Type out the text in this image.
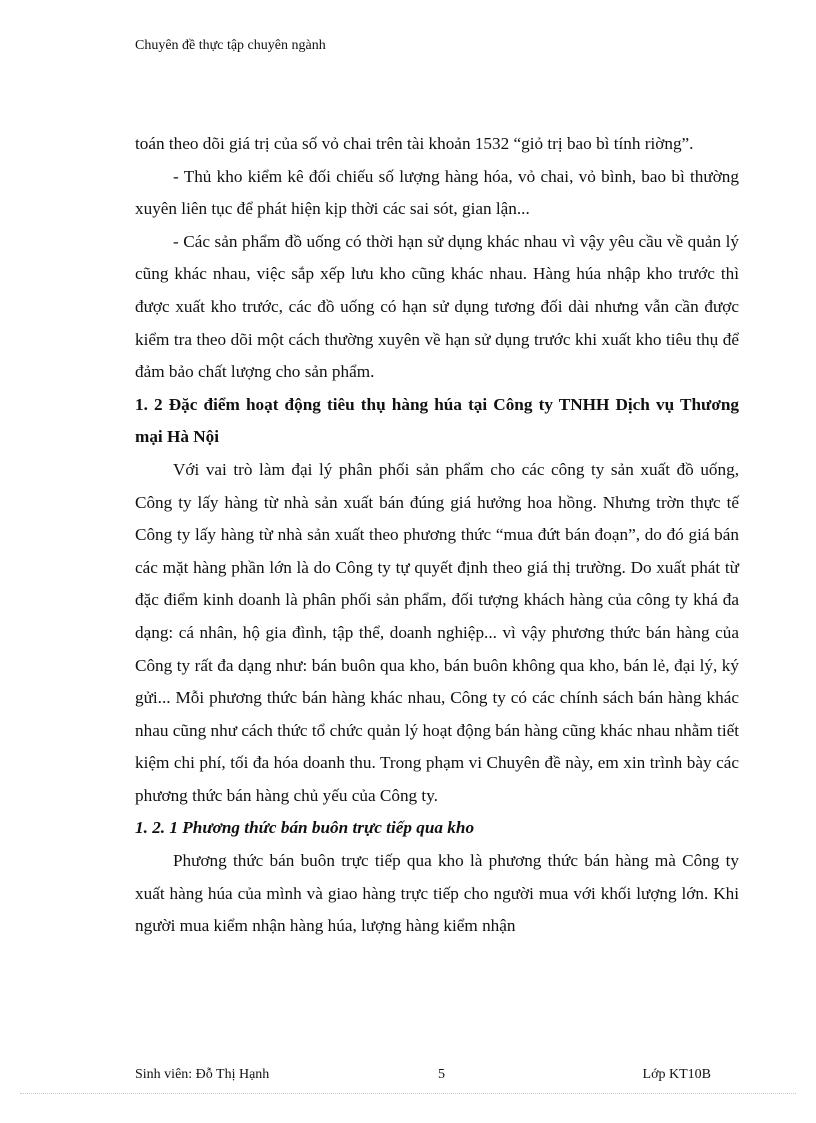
Chuyên đề thực tập chuyên ngành

toán theo dõi giá trị của số vỏ chai trên tài khoản 1532 “giỏ trị bao bì tính riờng”.

- Thủ kho kiểm kê đối chiếu số lượng hàng hóa, vỏ chai, vỏ bình, bao bì thường xuyên liên tục để phát hiện kịp thời các sai sót, gian lận...

- Các sản phẩm đồ uống có thời hạn sử dụng khác nhau vì vậy yêu cầu về quản lý cũng khác nhau, việc sắp xếp lưu kho cũng khác nhau. Hàng húa nhập kho trước thì được xuất kho trước, các đồ uống có hạn sử dụng tương đối dài nhưng vẫn cần được kiểm tra theo dõi một cách thường xuyên về hạn sử dụng trước khi xuất kho tiêu thụ để đảm bảo chất lượng cho sản phẩm.

1. 2 Đặc điểm hoạt động tiêu thụ hàng húa tại Công ty TNHH Dịch vụ Thương mại Hà Nội

Với vai trò làm đại lý phân phối sản phẩm cho các công ty sản xuất đồ uống, Công ty lấy hàng từ nhà sản xuất bán đúng giá hưởng hoa hồng. Nhưng trờn thực tế Công ty lấy hàng từ nhà sản xuất theo phương thức “mua đứt bán đoạn”, do đó giá bán các mặt hàng phần lớn là do Công ty tự quyết định theo giá thị trường. Do xuất phát từ đặc điểm kinh doanh là phân phối sản phẩm, đối tượng khách hàng của công ty khá đa dạng: cá nhân, hộ gia đình, tập thể, doanh nghiệp... vì vậy phương thức bán hàng của Công ty rất đa dạng như: bán buôn qua kho, bán buôn không qua kho, bán lẻ, đại lý, ký gửi... Mỗi phương thức bán hàng khác nhau, Công ty có các chính sách bán hàng khác nhau cũng như cách thức tổ chức quản lý hoạt động bán hàng cũng khác nhau nhằm tiết kiệm chi phí, tối đa hóa doanh thu. Trong phạm vi Chuyên đề này, em xin trình bày các phương thức bán hàng chủ yếu của Công ty.

1. 2. 1 Phương thức bán buôn trực tiếp qua kho

Phương thức bán buôn trực tiếp qua kho là phương thức bán hàng mà Công ty xuất hàng húa của mình và giao hàng trực tiếp cho người mua với khối lượng lớn. Khi người mua kiểm nhận hàng húa, lượng hàng kiểm nhận

Sinh viên: Đỗ Thị Hạnh	5	Lớp KT10B
